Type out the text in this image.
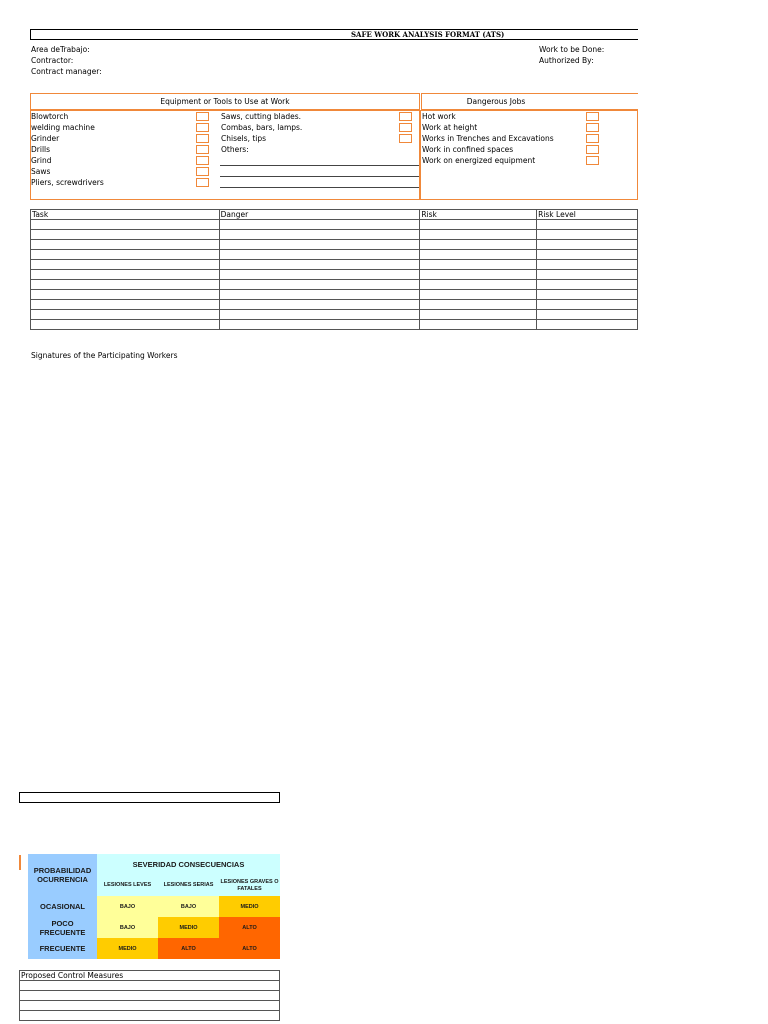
SAFE WORK ANALYSIS FORMAT (ATS)
Area deTrabajo:
Contractor:
Contract manager:
Work to be Done:
Authorized By:
Equipment or Tools to Use at Work	Dangerous Jobs
Blowtorch
welding machine
Grinder
Drills
Grind
Saws
Pliers, screwdrivers
Saws, cutting blades.
Combas, bars, lamps.
Chisels, tips
Others:
Hot work
Work at height
Works in Trenches and Excavations
Work in confined spaces
Work on energized equipment
Task	Danger	Risk	Risk Level

Signatures of the Participating Workers
PROBABILIDAD OCURRENCIA	SEVERIDAD CONSECUENCIAS		
	LESIONES LEVES	LESIONES SERIAS	LESIONES GRAVES O FATALES
OCASIONAL	BAJO	BAJO	MEDIO
POCO FRECUENTE	BAJO	MEDIO	ALTO
FRECUENTE	MEDIO	ALTO	ALTO
Proposed Control Measures
